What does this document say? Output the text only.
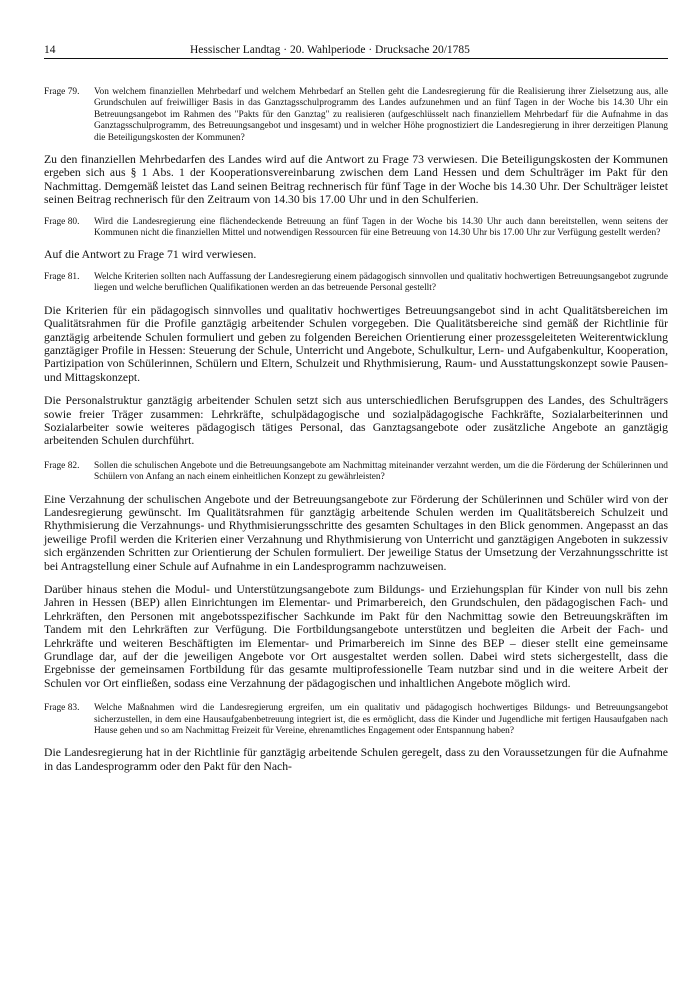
14	Hessischer Landtag · 20. Wahlperiode · Drucksache 20/1785
Frage 79.	Von welchem finanziellen Mehrbedarf und welchem Mehrbedarf an Stellen geht die Landesregierung für die Realisierung ihrer Zielsetzung aus, alle Grundschulen auf freiwilliger Basis in das Ganztagsschulprogramm des Landes aufzunehmen und an fünf Tagen in der Woche bis 14.30 Uhr ein Betreuungsangebot im Rahmen des "Pakts für den Ganztag" zu realisieren (aufgeschlüsselt nach finanziellem Mehrbedarf für die Aufnahme in das Ganztagsschulprogramm, des Betreuungsangebot und insgesamt) und in welcher Höhe prognostiziert die Landesregierung in ihrer derzeitigen Planung die Beteiligungskosten der Kommunen?

Zu den finanziellen Mehrbedarfen des Landes wird auf die Antwort zu Frage 73 verwiesen. Die Beteiligungskosten der Kommunen ergeben sich aus § 1 Abs. 1 der Kooperationsvereinbarung zwischen dem Land Hessen und dem Schulträger im Pakt für den Nachmittag. Demgemäß leistet das Land seinen Beitrag rechnerisch für fünf Tage in der Woche bis 14.30 Uhr. Der Schulträger leistet seinen Beitrag rechnerisch für den Zeitraum von 14.30 bis 17.00 Uhr und in den Schulferien.

Frage 80.	Wird die Landesregierung eine flächendeckende Betreuung an fünf Tagen in der Woche bis 14.30 Uhr auch dann bereitstellen, wenn seitens der Kommunen nicht die finanziellen Mittel und notwendigen Ressourcen für eine Betreuung von 14.30 Uhr bis 17.00 Uhr zur Verfügung gestellt werden?

Auf die Antwort zu Frage 71 wird verwiesen.

Frage 81.	Welche Kriterien sollten nach Auffassung der Landesregierung einem pädagogisch sinnvollen und qualitativ hochwertigen Betreuungsangebot zugrunde liegen und welche beruflichen Qualifikationen werden an das betreuende Personal gestellt?

Die Kriterien für ein pädagogisch sinnvolles und qualitativ hochwertiges Betreuungsangebot sind in acht Qualitätsbereichen im Qualitätsrahmen für die Profile ganztägig arbeitender Schulen vorgegeben. Die Qualitätsbereiche sind gemäß der Richtlinie für ganztägig arbeitende Schulen formuliert und geben zu folgenden Bereichen Orientierung einer prozessgeleiteten Weiterentwicklung ganztägiger Profile in Hessen: Steuerung der Schule, Unterricht und Angebote, Schulkultur, Lern- und Aufgabenkultur, Kooperation, Partizipation von Schülerinnen, Schülern und Eltern, Schulzeit und Rhythmisierung, Raum- und Ausstattungskonzept sowie Pausen- und Mittagskonzept.

Die Personalstruktur ganztägig arbeitender Schulen setzt sich aus unterschiedlichen Berufsgruppen des Landes, des Schulträgers sowie freier Träger zusammen: Lehrkräfte, schulpädagogische und sozialpädagogische Fachkräfte, Sozialarbeiterinnen und Sozialarbeiter sowie weiteres pädagogisch tätiges Personal, das Ganztagsangebote oder zusätzliche Angebote an ganztägig arbeitenden Schulen durchführt.

Frage 82.	Sollen die schulischen Angebote und die Betreuungsangebote am Nachmittag miteinander verzahnt werden, um die die Förderung der Schülerinnen und Schülern von Anfang an nach einem einheitlichen Konzept zu gewährleisten?

Eine Verzahnung der schulischen Angebote und der Betreuungsangebote zur Förderung der Schülerinnen und Schüler wird von der Landesregierung gewünscht. Im Qualitätsrahmen für ganztägig arbeitende Schulen werden im Qualitätsbereich Schulzeit und Rhythmisierung die Verzahnungs- und Rhythmisierungsschritte des gesamten Schultages in den Blick genommen. Angepasst an das jeweilige Profil werden die Kriterien einer Verzahnung und Rhythmisierung von Unterricht und ganztägigen Angeboten in sukzessiv sich ergänzenden Schritten zur Orientierung der Schulen formuliert. Der jeweilige Status der Umsetzung der Verzahnungsschritte ist bei Antragstellung einer Schule auf Aufnahme in ein Landesprogramm nachzuweisen.

Darüber hinaus stehen die Modul- und Unterstützungsangebote zum Bildungs- und Erziehungsplan für Kinder von null bis zehn Jahren in Hessen (BEP) allen Einrichtungen im Elementar- und Primarbereich, den Grundschulen, den pädagogischen Fach- und Lehrkräften, den Personen mit angebotsspezifischer Sachkunde im Pakt für den Nachmittag sowie den Betreuungskräften im Tandem mit den Lehrkräften zur Verfügung. Die Fortbildungsangebote unterstützen und begleiten die Arbeit der Fach- und Lehrkräfte und weiteren Beschäftigten im Elementar- und Primarbereich im Sinne des BEP – dieser stellt eine gemeinsame Grundlage dar, auf der die jeweiligen Angebote vor Ort ausgestaltet werden sollen. Dabei wird stets sichergestellt, dass die Ergebnisse der gemeinsamen Fortbildung für das gesamte multiprofessionelle Team nutzbar sind und in die weitere Arbeit der Schulen vor Ort einfließen, sodass eine Verzahnung der pädagogischen und inhaltlichen Angebote möglich wird.

Frage 83.	Welche Maßnahmen wird die Landesregierung ergreifen, um ein qualitativ und pädagogisch hochwertiges Bildungs- und Betreuungsangebot sicherzustellen, in dem eine Hausaufgabenbetreuung integriert ist, die es ermöglicht, dass die Kinder und Jugendliche mit fertigen Hausaufgaben nach Hause gehen und so am Nachmittag Freizeit für Vereine, ehrenamtliches Engagement oder Entspannung haben?

Die Landesregierung hat in der Richtlinie für ganztägig arbeitende Schulen geregelt, dass zu den Voraussetzungen für die Aufnahme in das Landesprogramm oder den Pakt für den Nach-
